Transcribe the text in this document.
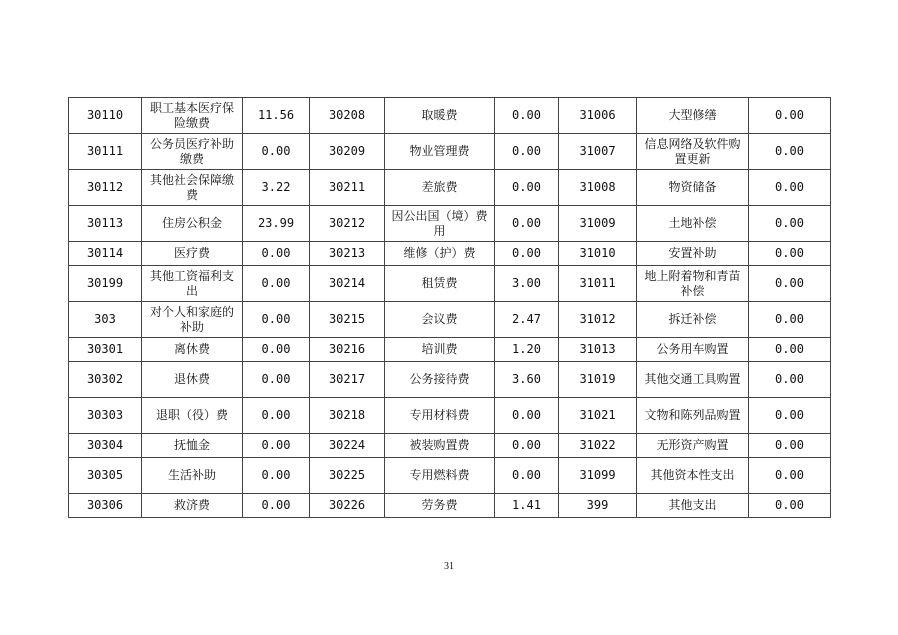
30110	职工基本医疗保险缴费	11.56	30208	取暖费	0.00	31006	大型修缮	0.00
30111	公务员医疗补助缴费	0.00	30209	物业管理费	0.00	31007	信息网络及软件购置更新	0.00
30112	其他社会保障缴费	3.22	30211	差旅费	0.00	31008	物资储备	0.00
30113	住房公积金	23.99	30212	因公出国（境）费用	0.00	31009	土地补偿	0.00
30114	医疗费	0.00	30213	维修（护）费	0.00	31010	安置补助	0.00
30199	其他工资福利支出	0.00	30214	租赁费	3.00	31011	地上附着物和青苗补偿	0.00
303	对个人和家庭的补助	0.00	30215	会议费	2.47	31012	拆迁补偿	0.00
30301	离休费	0.00	30216	培训费	1.20	31013	公务用车购置	0.00
30302	退休费	0.00	30217	公务接待费	3.60	31019	其他交通工具购置	0.00
30303	退职（役）费	0.00	30218	专用材料费	0.00	31021	文物和陈列品购置	0.00
30304	抚恤金	0.00	30224	被装购置费	0.00	31022	无形资产购置	0.00
30305	生活补助	0.00	30225	专用燃料费	0.00	31099	其他资本性支出	0.00
30306	救济费	0.00	30226	劳务费	1.41	399	其他支出	0.00
31
